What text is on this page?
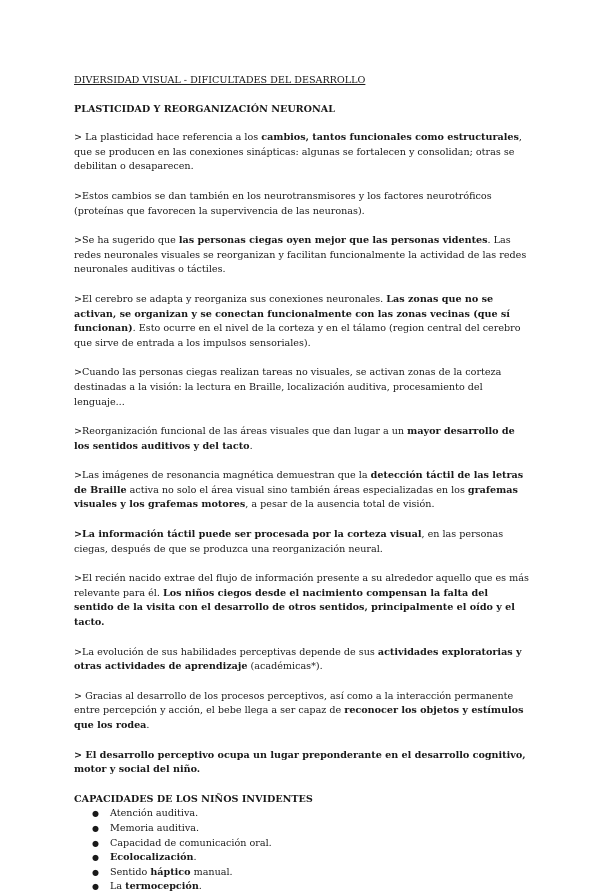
DIVERSIDAD VISUAL - DIFICULTADES DEL DESARROLLO
PLASTICIDAD Y REORGANIZACIÓN NEURONAL

> La plasticidad hace referencia a los cambios, tantos funcionales como estructurales, que se producen en las conexiones sinápticas: algunas se fortalecen y consolidan; otras se debilitan o desaparecen.

>Estos cambios se dan también en los neurotransmisores y los factores neurotróficos (proteínas que favorecen la supervivencia de las neuronas).

>Se ha sugerido que las personas ciegas oyen mejor que las personas videntes. Las redes neuronales visuales se reorganizan y facilitan funcionalmente la actividad de las redes neuronales auditivas o táctiles.

>El cerebro se adapta y reorganiza sus conexiones neuronales. Las zonas que no se activan, se organizan y se conectan funcionalmente con las zonas vecinas (que sí funcionan). Esto ocurre en el nivel de la corteza y en el tálamo (region central del cerebro que sirve de entrada a los impulsos sensoriales).

>Cuando las personas ciegas realizan tareas no visuales, se activan zonas de la corteza destinadas a la visión: la lectura en Braille, localización auditiva, procesamiento del lenguaje...

>Reorganización funcional de las áreas visuales que dan lugar a un mayor desarrollo de los sentidos auditivos y del tacto.

>Las imágenes de resonancia magnética demuestran que la detección táctil de las letras de Braille activa no solo el área visual sino también áreas especializadas en los grafemas visuales y los grafemas motores, a pesar de la ausencia total de visión.

>La información táctil puede ser procesada por la corteza visual, en las personas ciegas, después de que se produzca una reorganización neural.

>El recién nacido extrae del flujo de información presente a su alrededor aquello que es más relevante para él. Los niños ciegos desde el nacimiento compensan la falta del sentido de la visita con el desarrollo de otros sentidos, principalmente el oído y el tacto.

>La evolución de sus habilidades perceptivas depende de sus actividades exploratorias y otras actividades de aprendizaje (académicas*).

> Gracias al desarrollo de los procesos perceptivos, así como a la interacción permanente entre percepción y acción, el bebe llega a ser capaz de reconocer los objetos y estímulos que los rodea.

> El desarrollo perceptivo ocupa un lugar preponderante en el desarrollo cognitivo, motor y social del niño.

CAPACIDADES DE LOS NIÑOS INVIDENTES
● Atención auditiva.
● Memoria auditiva.
● Capacidad de comunicación oral.
● Ecolocalización.
● Sentido háptico manual.
● La termocepción.
